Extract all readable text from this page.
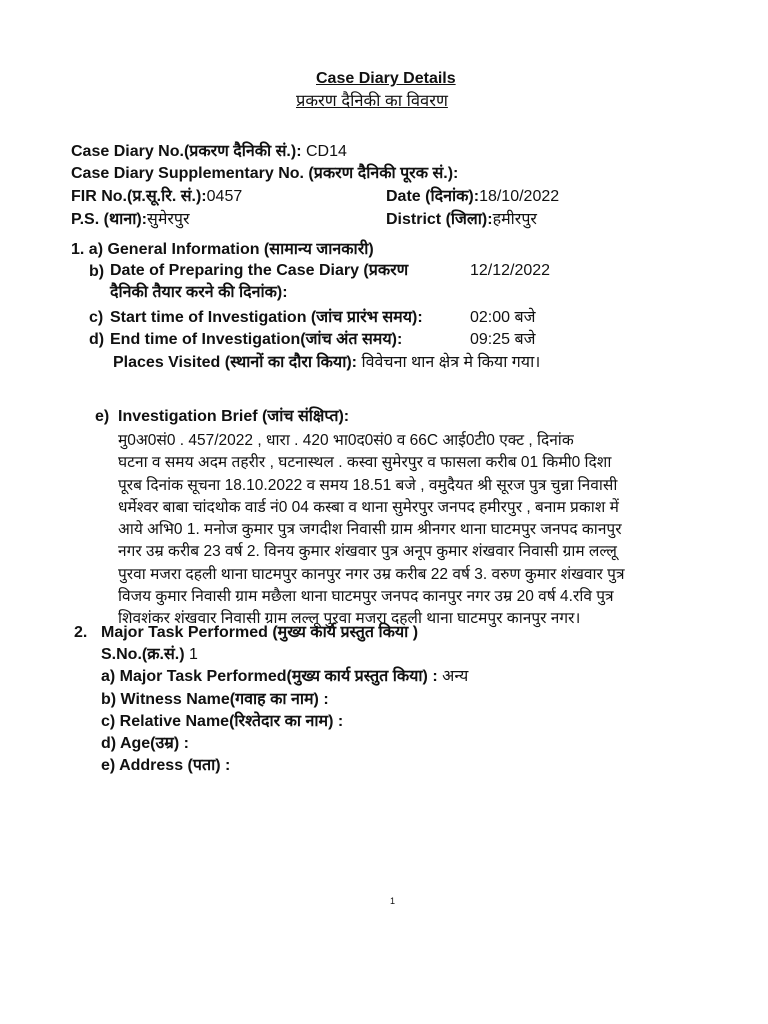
Case Diary Details
प्रकरण दैनिकी का विवरण
Case Diary No.(प्रकरण दैनिकी सं.): CD14
Case Diary Supplementary No. (प्रकरण दैनिकी पूरक सं.):
FIR No.(प्र.सू.रि. सं.):0457	Date (दिनांक):18/10/2022
P.S. (थाना):सुमेरपुर	District (जिला):हमीरपुर
1. a) General Information (सामान्य जानकारी)
b) Date of Preparing the Case Diary (प्रकरण	12/12/2022
दैनिकी तैयार करने की दिनांक):
c) Start time of Investigation (जांच प्रारंभ समय):	02:00 बजे
d) End time of Investigation(जांच अंत समय):	09:25 बजे
Places Visited (स्थानों का दौरा किया): विवेचना थान क्षेत्र मे किया गया।
e) Investigation Brief (जांच संक्षिप्त):
मु0अ0सं0 . 457/2022 , धारा . 420 भा0द0सं0 व 66C आई0टी0 एक्ट , दिनांक
घटना व समय अदम तहरीर , घटनास्थल . कस्वा सुमेरपुर व फासला करीब 01 किमी0 दिशा
पूरब दिनांक सूचना 18.10.2022 व समय 18.51 बजे , वमुदैयत श्री सूरज पुत्र चुन्ना निवासी
धर्मेश्वर बाबा चांदथोक वार्ड नं0 04 कस्बा व थाना सुमेरपुर जनपद हमीरपुर , बनाम प्रकाश में
आये अभि0 1. मनोज कुमार पुत्र जगदीश निवासी ग्राम श्रीनगर थाना घाटमपुर जनपद कानपुर
नगर उम्र करीब 23 वर्ष 2. विनय कुमार शंखवार पुत्र अनूप कुमार शंखवार निवासी ग्राम लल्लू
पुरवा मजरा दहली थाना घाटमपुर कानपुर नगर उम्र करीब 22 वर्ष 3. वरुण कुमार शंखवार पुत्र
विजय कुमार निवासी ग्राम मछैला थाना घाटमपुर जनपद कानपुर नगर उम्र 20 वर्ष 4.रवि पुत्र
शिवशंकर शंखवार निवासी ग्राम लल्लू पुरवा मजरा दहली थाना घाटमपुर कानपुर नगर।
2. Major Task Performed (मुख्य कार्य प्रस्तुत किया )
S.No.(क्र.सं.) 1
a) Major Task Performed(मुख्य कार्य प्रस्तुत किया) : अन्य
b) Witness Name(गवाह का नाम) :
c) Relative Name(रिश्तेदार का नाम) :
d) Age(उम्र) :
e) Address (पता) :
1
